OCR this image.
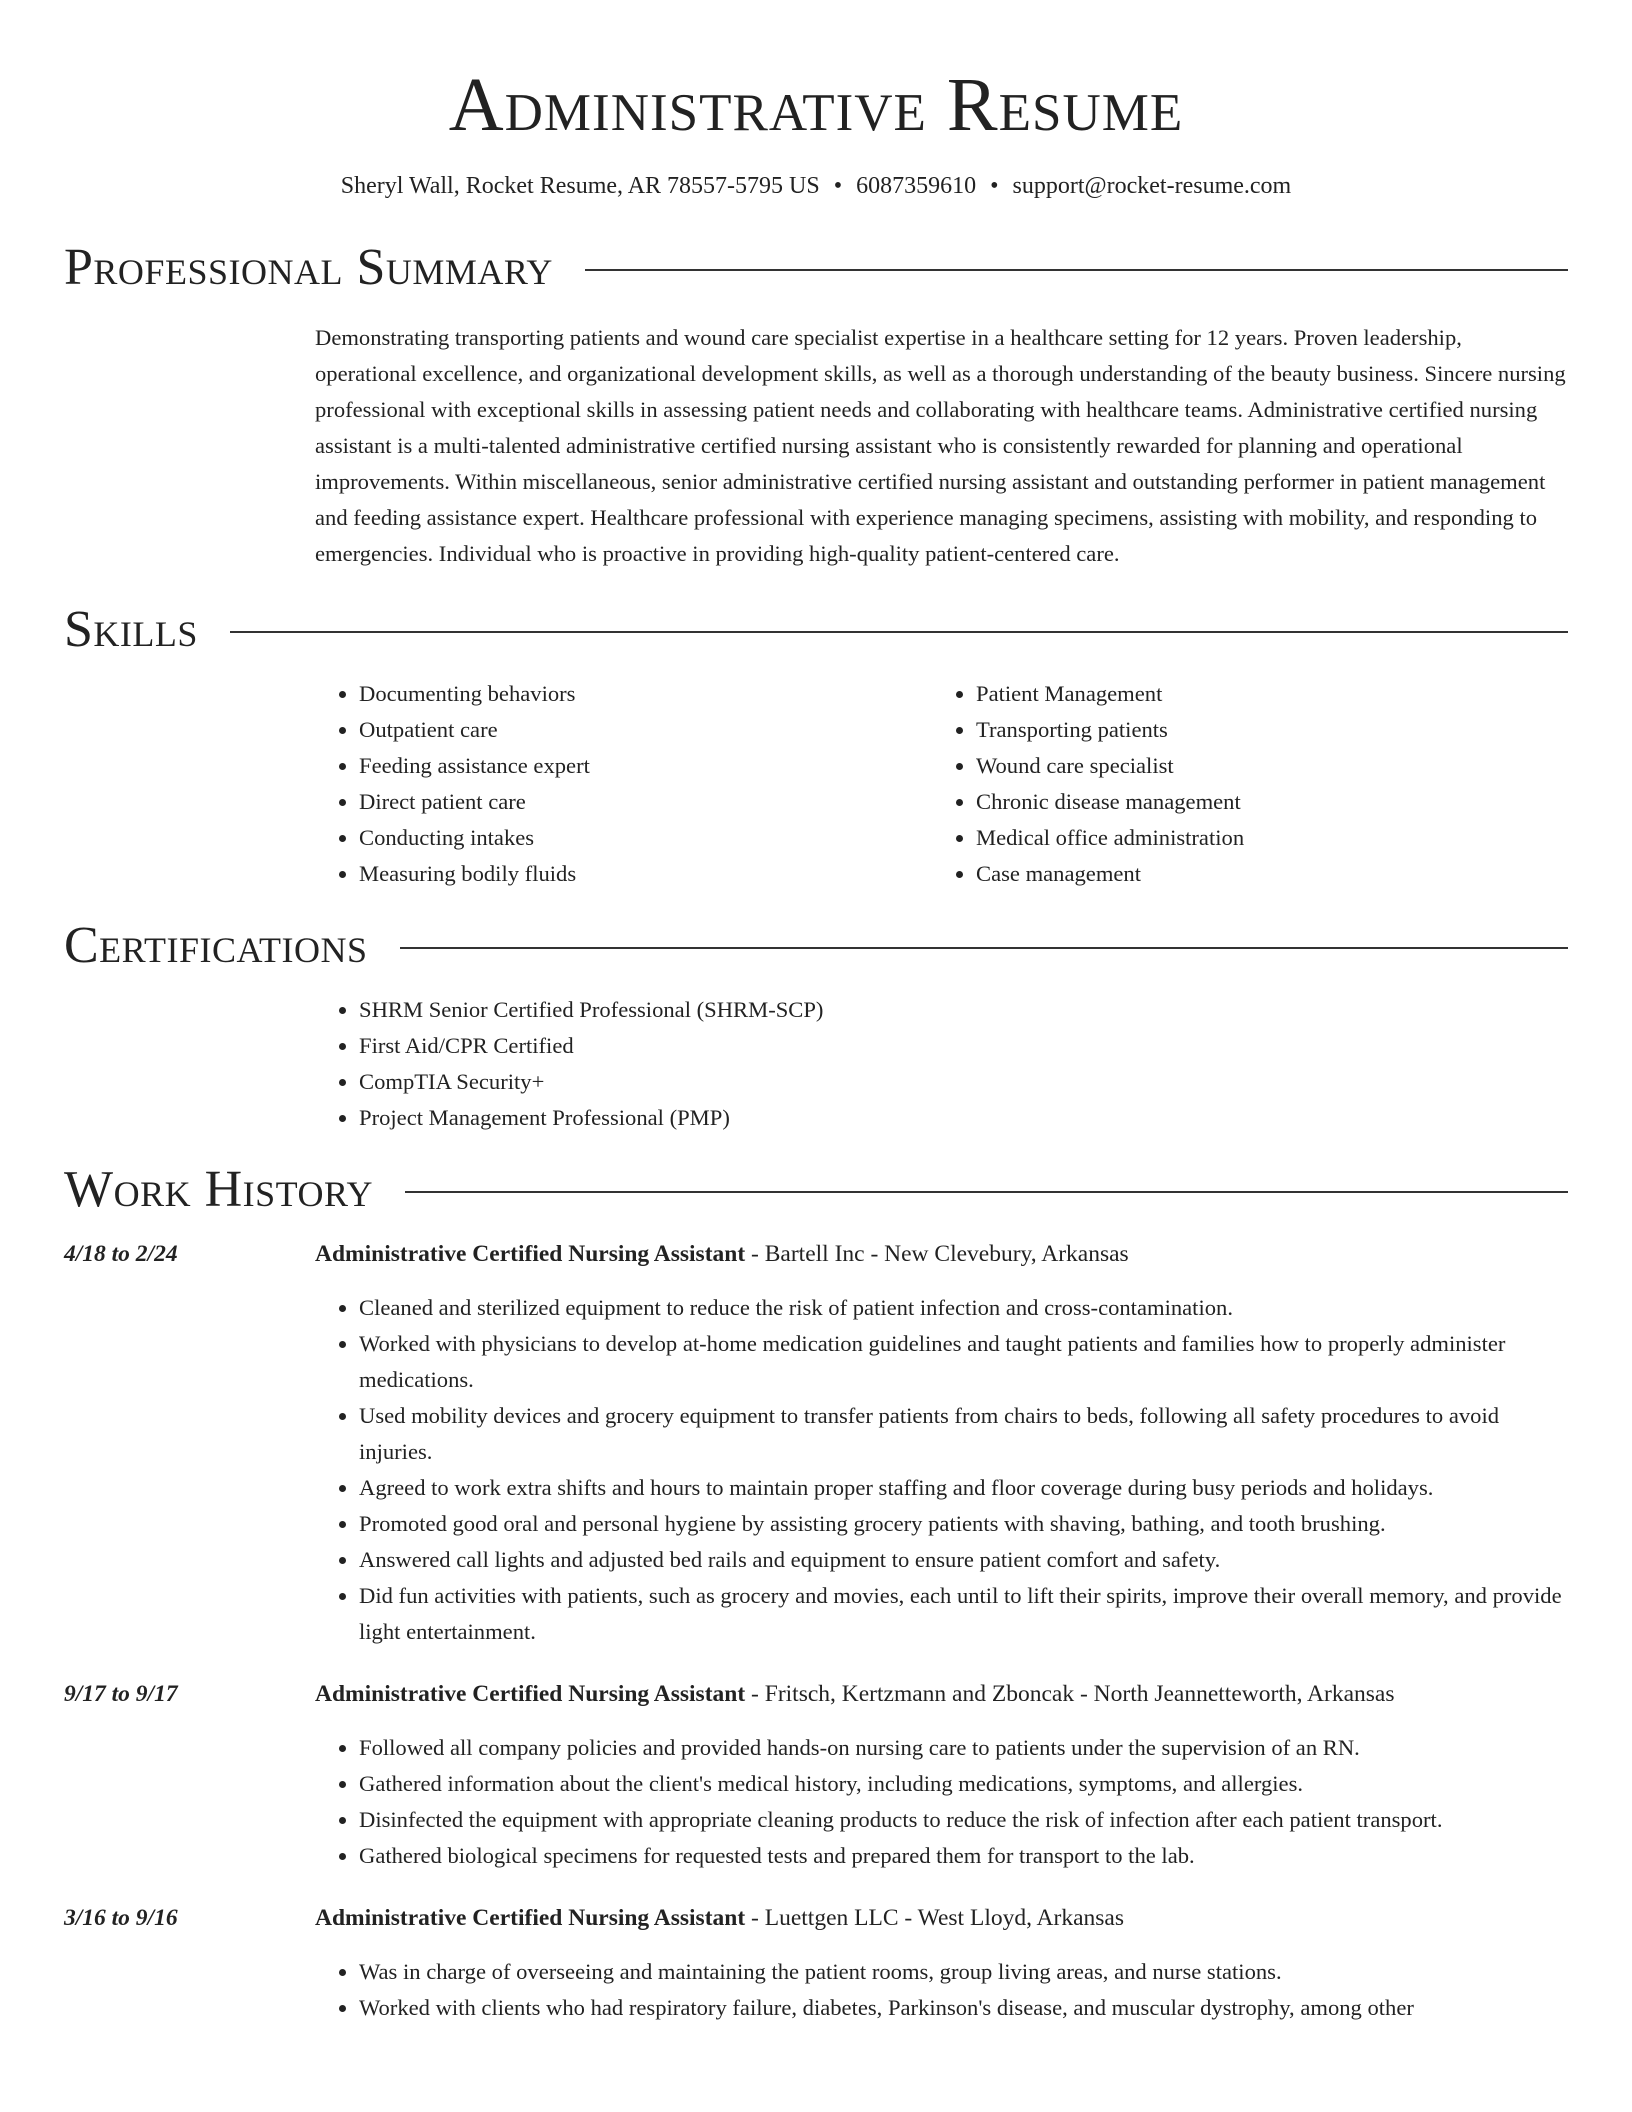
Administrative Resume
Sheryl Wall, Rocket Resume, AR 78557-5795 US • 6087359610 • support@rocket-resume.com
Professional Summary
Demonstrating transporting patients and wound care specialist expertise in a healthcare setting for 12 years. Proven leadership, operational excellence, and organizational development skills, as well as a thorough understanding of the beauty business. Sincere nursing professional with exceptional skills in assessing patient needs and collaborating with healthcare teams. Administrative certified nursing assistant is a multi-talented administrative certified nursing assistant who is consistently rewarded for planning and operational improvements. Within miscellaneous, senior administrative certified nursing assistant and outstanding performer in patient management and feeding assistance expert. Healthcare professional with experience managing specimens, assisting with mobility, and responding to emergencies. Individual who is proactive in providing high-quality patient-centered care.
Skills
• Documenting behaviors
• Outpatient care
• Feeding assistance expert
• Direct patient care
• Conducting intakes
• Measuring bodily fluids
• Patient Management
• Transporting patients
• Wound care specialist
• Chronic disease management
• Medical office administration
• Case management
Certifications
• SHRM Senior Certified Professional (SHRM-SCP)
• First Aid/CPR Certified
• CompTIA Security+
• Project Management Professional (PMP)
Work History
4/18 to 2/24	Administrative Certified Nursing Assistant - Bartell Inc - New Clevebury, Arkansas
• Cleaned and sterilized equipment to reduce the risk of patient infection and cross-contamination.
• Worked with physicians to develop at-home medication guidelines and taught patients and families how to properly administer medications.
• Used mobility devices and grocery equipment to transfer patients from chairs to beds, following all safety procedures to avoid injuries.
• Agreed to work extra shifts and hours to maintain proper staffing and floor coverage during busy periods and holidays.
• Promoted good oral and personal hygiene by assisting grocery patients with shaving, bathing, and tooth brushing.
• Answered call lights and adjusted bed rails and equipment to ensure patient comfort and safety.
• Did fun activities with patients, such as grocery and movies, each until to lift their spirits, improve their overall memory, and provide light entertainment.
9/17 to 9/17	Administrative Certified Nursing Assistant - Fritsch, Kertzmann and Zboncak - North Jeannetteworth, Arkansas
• Followed all company policies and provided hands-on nursing care to patients under the supervision of an RN.
• Gathered information about the client's medical history, including medications, symptoms, and allergies.
• Disinfected the equipment with appropriate cleaning products to reduce the risk of infection after each patient transport.
• Gathered biological specimens for requested tests and prepared them for transport to the lab.
3/16 to 9/16	Administrative Certified Nursing Assistant - Luettgen LLC - West Lloyd, Arkansas
• Was in charge of overseeing and maintaining the patient rooms, group living areas, and nurse stations.
• Worked with clients who had respiratory failure, diabetes, Parkinson's disease, and muscular dystrophy, among other
